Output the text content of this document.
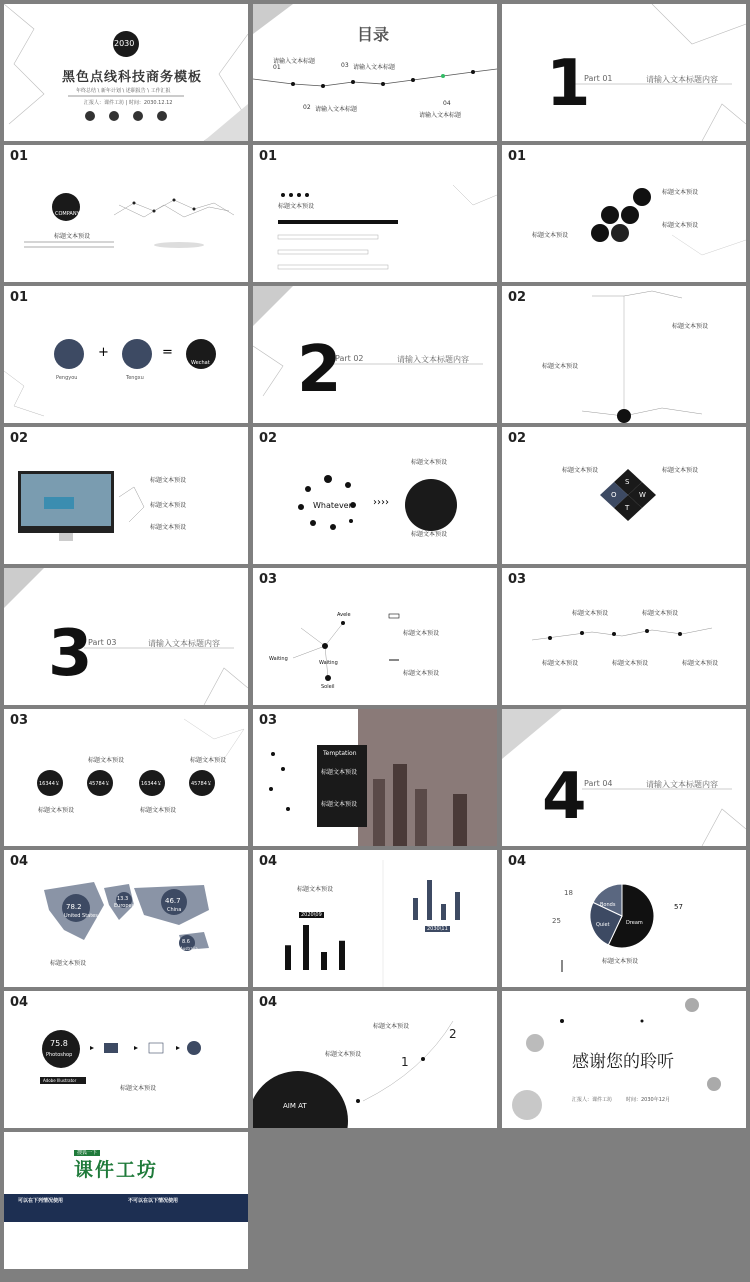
2030
黑色点线科技商务模板
年终总结 \ 新年计划 \ 述职报告 \ 工作汇报
汇报人：课件工坊 | 时间：2030.12.12
目录
01
请输入文本标题
02 请输入文本标题
03 请输入文本标题
04
请输入文本标题 1
Part 01	请输入文本标题内容
01
COMPANY
标题文本预设
01
标题文本预设
01
标题文本预设
标题文本预设
标题文本预设
01
+	=
Pengyou	Tengxu
Wechat 2
Part 02	请输入文本标题内容
02
标题文本预设
标题文本预设
02
标题文本预设
标题文本预设
标题文本预设
02
Whatever ››››
标题文本预设
标题文本预设
02
S
W
O
T
标题文本预设	标题文本预设
3
Part 03	请输入文本标题内容
03
Avele
Waiting
Waiting
Soleil
标题文本预设
标题文本预设
03
标题文本预设	标题文本预设
标题文本预设	标题文本预设	标题文本预设
03
16344￥	45784￥	16344￥	45784￥
标题文本预设
标题文本预设
标题文本预设
标题文本预设
03
Temptation
标题文本预设
标题文本预设	4
Part 04	请输入文本标题内容
04
78.2
United States
13.3
European
46.7
China
8.6
Australia
标题文本预设
04
标题文本预设
2020\09
2030\11
04
Bonds
Quiet	Dream
18
25
57
标题文本预设
04
75.8
Photoshop
Adobe Illustrator
标题文本预设
04
AIM AT
2
1
标题文本预设
标题文本预设	感谢您的聆听
汇报人：课件工坊	时间：2030年12月
搜狐一下
课件工坊
可以在下列情况使用	不可以在以下情况使用
